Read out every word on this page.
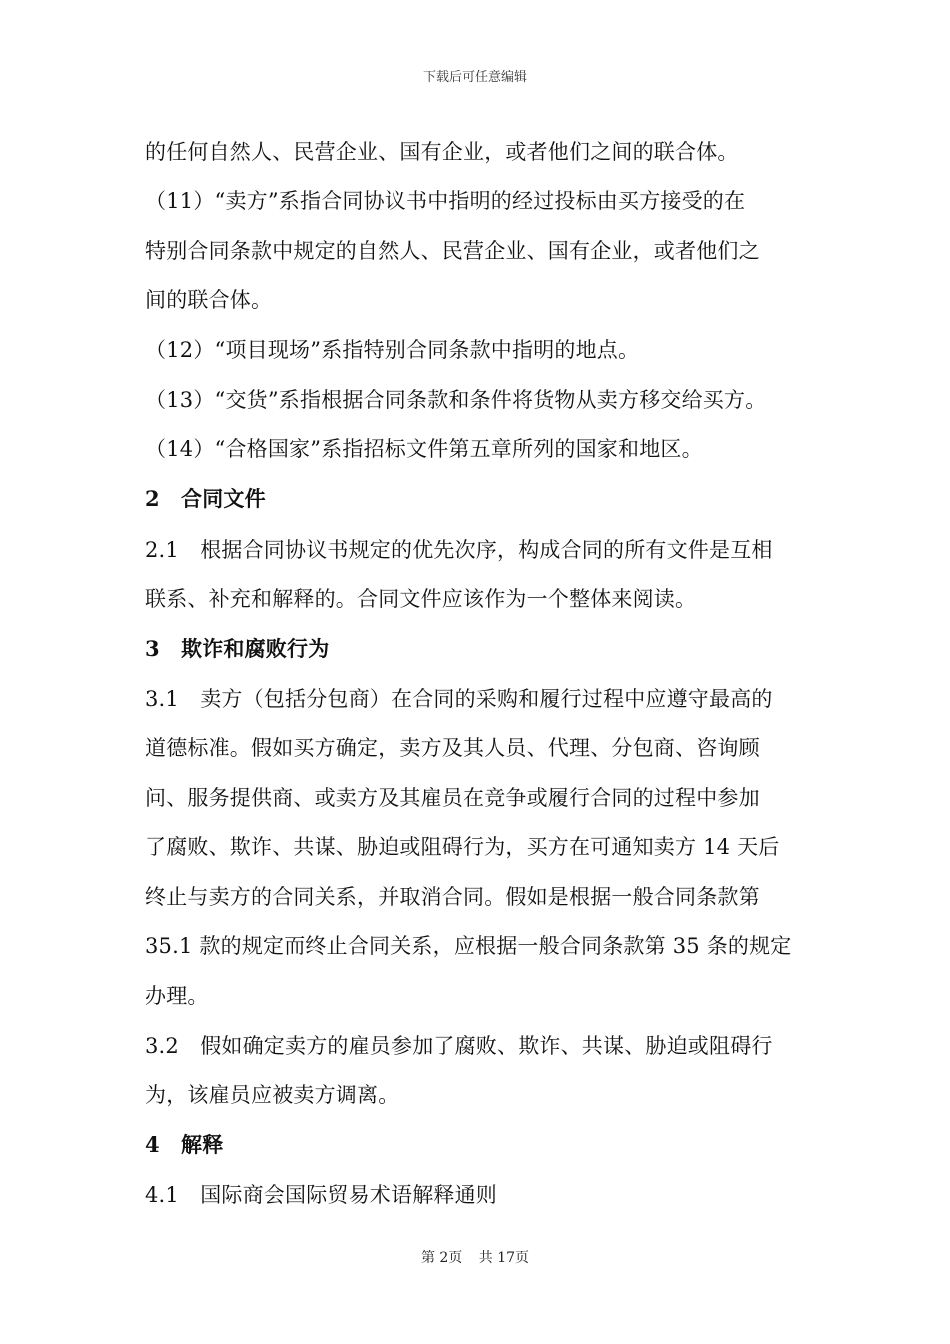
下载后可任意编辑
的任何自然人、民营企业、国有企业，或者他们之间的联合体。
（11）“卖方”系指合同协议书中指明的经过投标由买方接受的在
特别合同条款中规定的自然人、民营企业、国有企业，或者他们之
间的联合体。
（12）“项目现场”系指特别合同条款中指明的地点。
（13）“交货”系指根据合同条款和条件将货物从卖方移交给买方。
（14）“合格国家”系指招标文件第五章所列的国家和地区。
2　合同文件
2.1　根据合同协议书规定的优先次序，构成合同的所有文件是互相
联系、补充和解释的。合同文件应该作为一个整体来阅读。
3　欺诈和腐败行为
3.1　卖方（包括分包商）在合同的采购和履行过程中应遵守最高的
道德标准。假如买方确定，卖方及其人员、代理、分包商、咨询顾
问、服务提供商、或卖方及其雇员在竞争或履行合同的过程中参加
了腐败、欺诈、共谋、胁迫或阻碍行为，买方在可通知卖方 14 天后
终止与卖方的合同关系，并取消合同。假如是根据一般合同条款第
35.1 款的规定而终止合同关系，应根据一般合同条款第 35 条的规定
办理。
3.2　假如确定卖方的雇员参加了腐败、欺诈、共谋、胁迫或阻碍行
为，该雇员应被卖方调离。
4　解释
4.1　国际商会国际贸易术语解释通则
第 2页 共 17页
